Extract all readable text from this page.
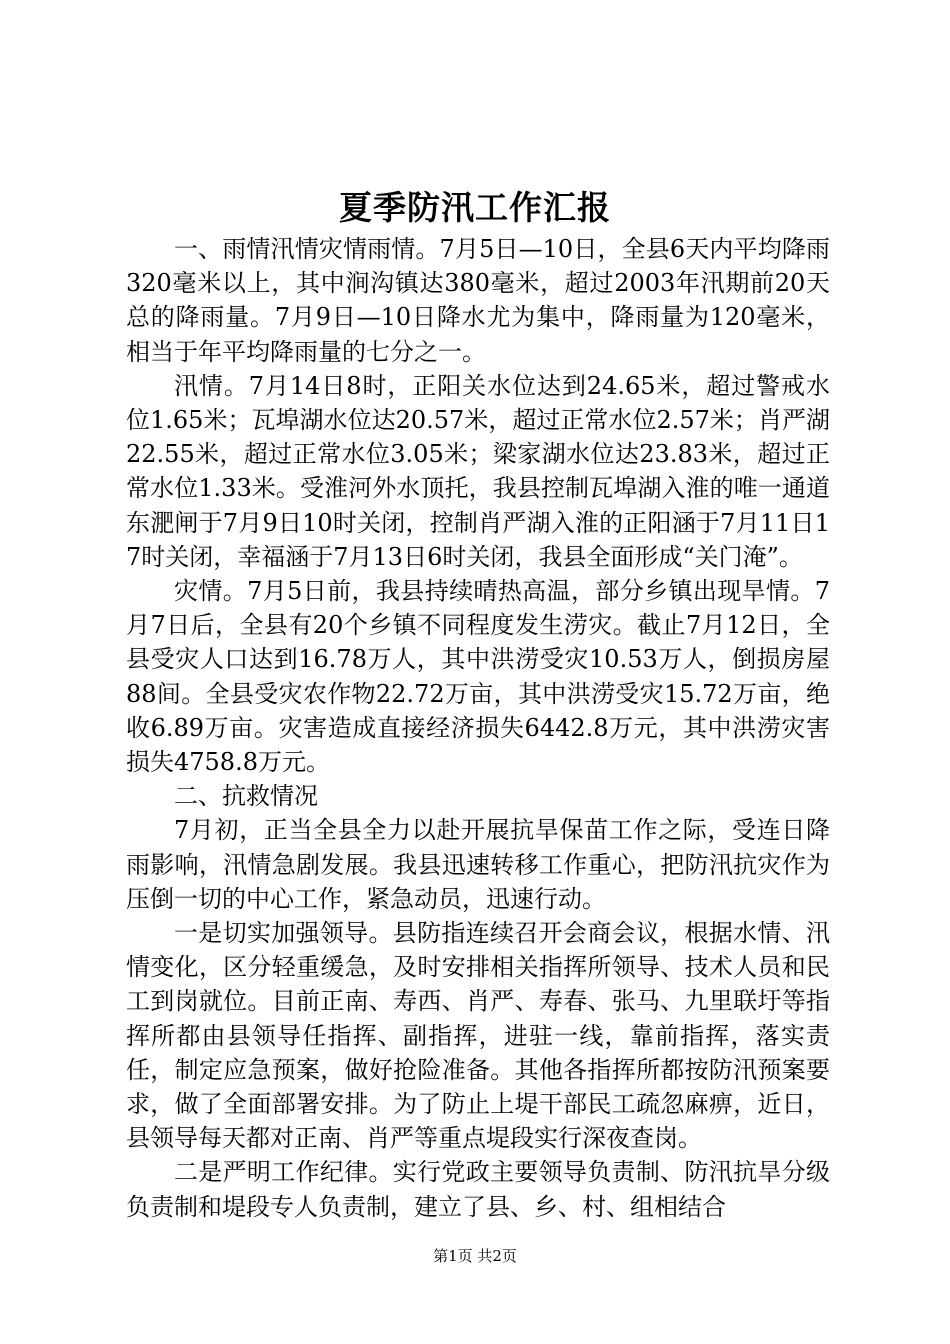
夏季防汛工作汇报

一、雨情汛情灾情雨情。7月5日—10日，全县6天内平均降雨320毫米以上，其中涧沟镇达380毫米，超过2003年汛期前20天总的降雨量。7月9日—10日降水尤为集中，降雨量为120毫米，相当于年平均降雨量的七分之一。

汛情。7月14日8时，正阳关水位达到24.65米，超过警戒水位1.65米；瓦埠湖水位达20.57米，超过正常水位2.57米；肖严湖22.55米，超过正常水位3.05米；梁家湖水位达23.83米，超过正常水位1.33米。受淮河外水顶托，我县控制瓦埠湖入淮的唯一通道东淝闸于7月9日10时关闭，控制肖严湖入淮的正阳涵于7月11日17时关闭，幸福涵于7月13日6时关闭，我县全面形成“关门淹”。

灾情。7月5日前，我县持续晴热高温，部分乡镇出现旱情。7月7日后，全县有20个乡镇不同程度发生涝灾。截止7月12日，全县受灾人口达到16.78万人，其中洪涝受灾10.53万人，倒损房屋88间。全县受灾农作物22.72万亩，其中洪涝受灾15.72万亩，绝收6.89万亩。灾害造成直接经济损失6442.8万元，其中洪涝灾害损失4758.8万元。

二、抗救情况

7月初，正当全县全力以赴开展抗旱保苗工作之际，受连日降雨影响，汛情急剧发展。我县迅速转移工作重心，把防汛抗灾作为压倒一切的中心工作，紧急动员，迅速行动。

一是切实加强领导。县防指连续召开会商会议，根据水情、汛情变化，区分轻重缓急，及时安排相关指挥所领导、技术人员和民工到岗就位。目前正南、寿西、肖严、寿春、张马、九里联圩等指挥所都由县领导任指挥、副指挥，进驻一线，靠前指挥，落实责任，制定应急预案，做好抢险准备。其他各指挥所都按防汛预案要求，做了全面部署安排。为了防止上堤干部民工疏忽麻痹，近日，县领导每天都对正南、肖严等重点堤段实行深夜查岗。

二是严明工作纪律。实行党政主要领导负责制、防汛抗旱分级负责制和堤段专人负责制，建立了县、乡、村、组相结合

第1页 共2页
